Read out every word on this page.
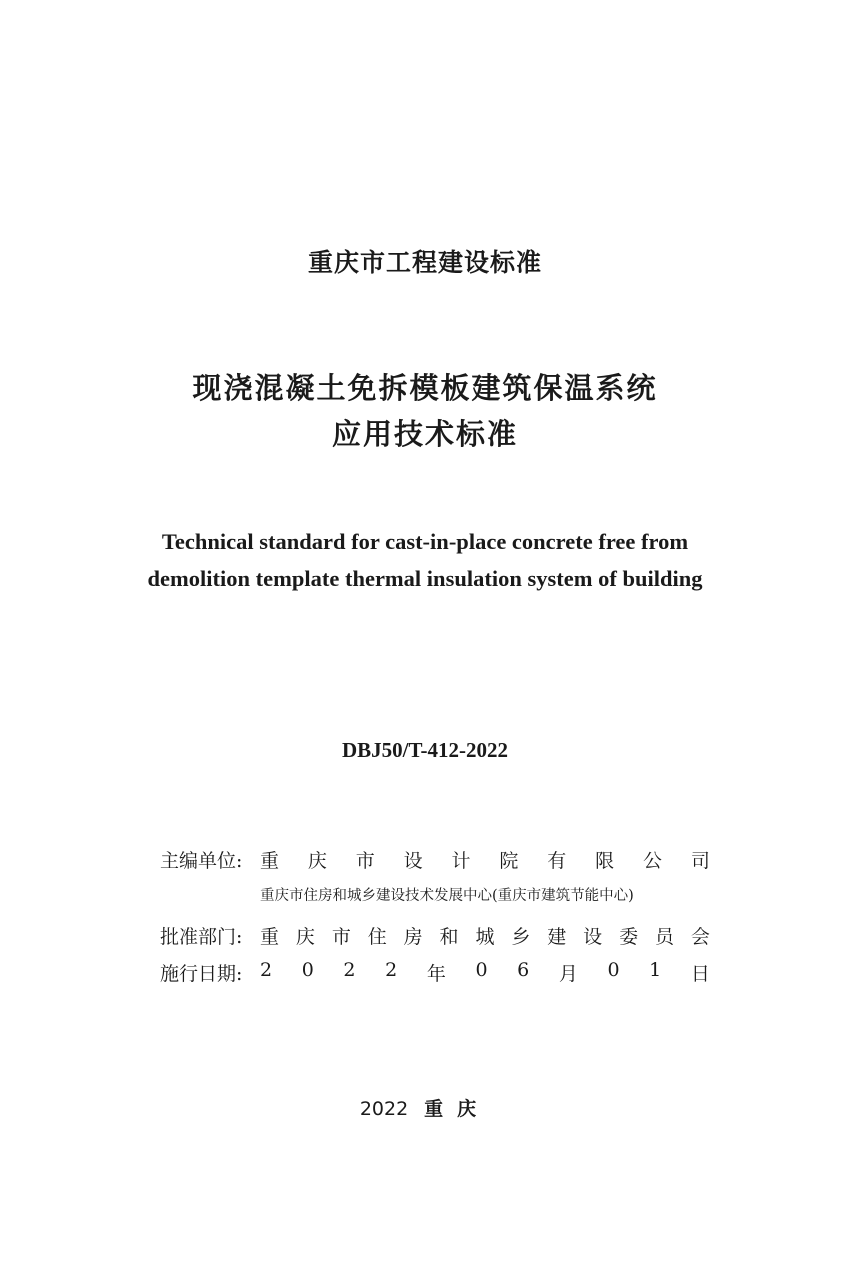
重庆市工程建设标准
现浇混凝土免拆模板建筑保温系统
应用技术标准
Technical standard for cast-in-place concrete free from
demolition template thermal insulation system of building
DBJ50/T-412-2022
主编单位: 重 庆 市 设 计 院 有 限 公 司
重庆市住房和城乡建设技术发展中心(重庆市建筑节能中心)
批准部门: 重 庆 市 住 房 和 城 乡 建 设 委 员 会
施行日期: 2 0 2 2 年 0 6 月 0 1 日
2022 重庆
